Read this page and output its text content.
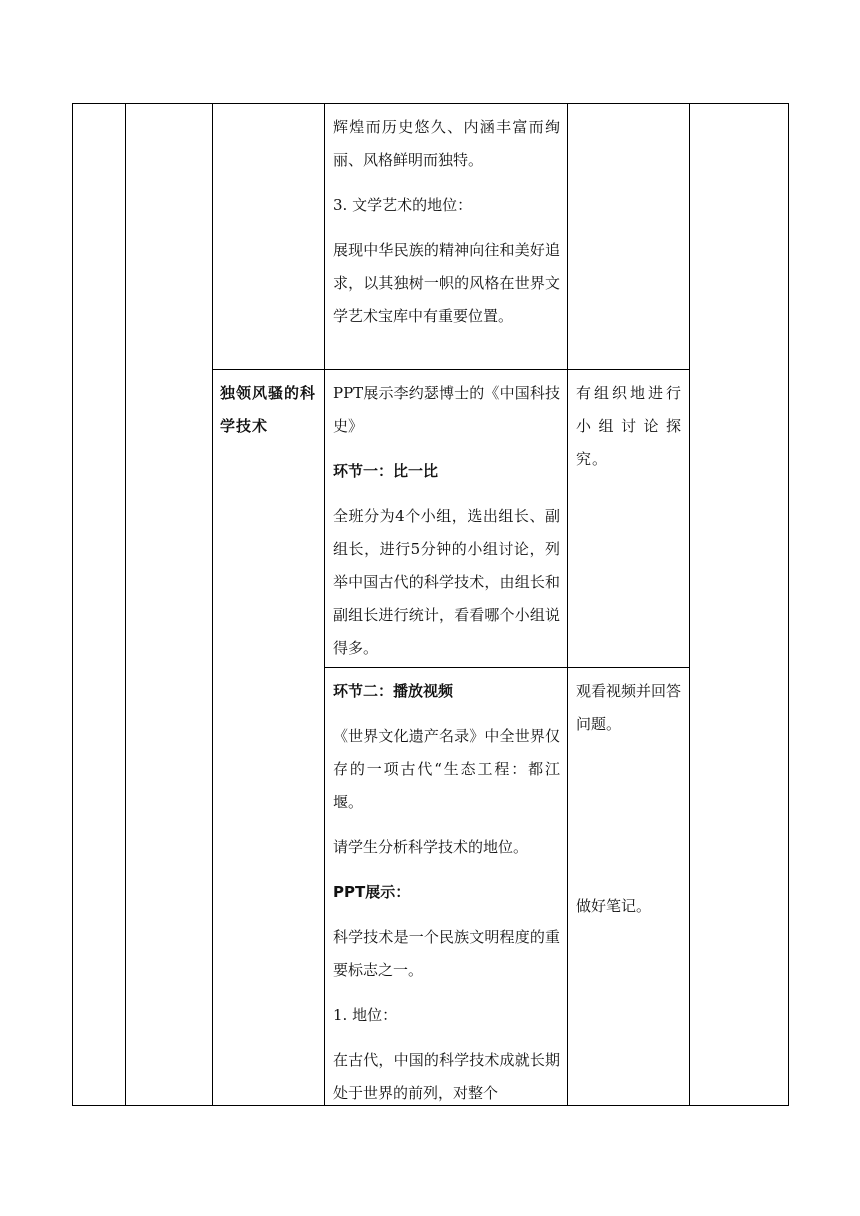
辉煌而历史悠久、内涵丰富而绚丽、风格鲜明而独特。

3. 文学艺术的地位：

展现中华民族的精神向往和美好追求，以其独树一帜的风格在世界文学艺术宝库中有重要位置。

独领风骚的科学技术

PPT展示李约瑟博士的《中国科技史》

环节一：比一比

全班分为4个小组，选出组长、副组长，进行5分钟的小组讨论，列举中国古代的科学技术，由组长和副组长进行统计，看看哪个小组说得多。

有组织地进行小组讨论探究。

环节二：播放视频

《世界文化遗产名录》中全世界仅存的一项古代“生态工程：都江堰。

请学生分析科学技术的地位。

PPT展示：

科学技术是一个民族文明程度的重要标志之一。

1. 地位：

在古代，中国的科学技术成就长期处于世界的前列，对整个

观看视频并回答问题。

做好笔记。
